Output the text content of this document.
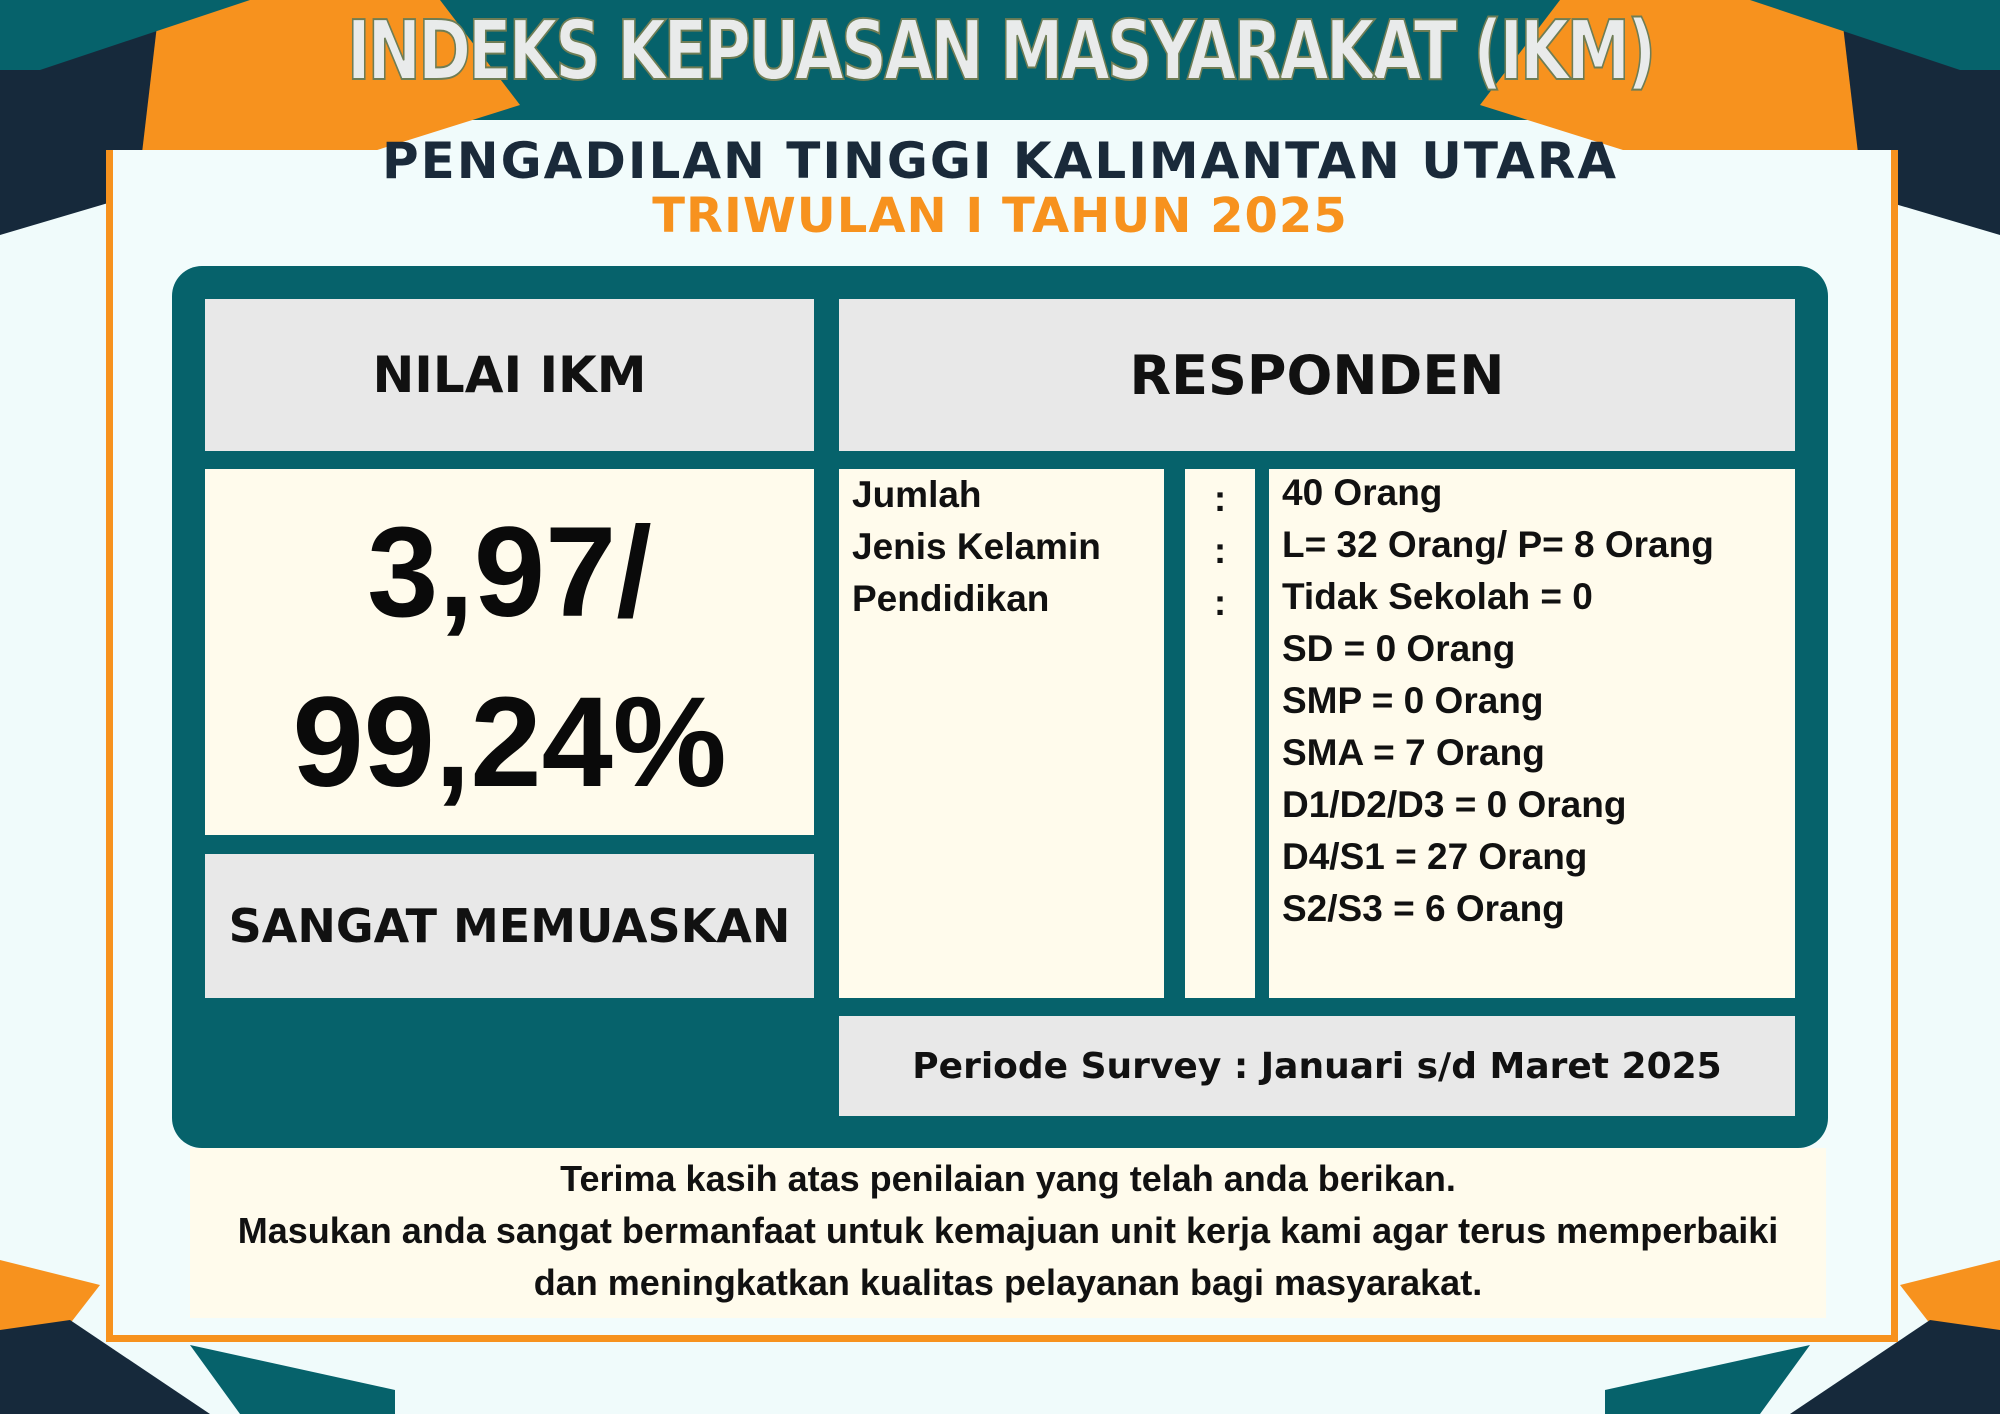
INDEKS KEPUASAN MASYARAKAT (IKM)
PENGADILAN TINGGI KALIMANTAN UTARA
TRIWULAN I TAHUN 2025
NILAI IKM
3,97/
99,24%
SANGAT MEMUASKAN
RESPONDEN
Jumlah
Jenis Kelamin
Pendidikan
:
:
:
40 Orang
L= 32 Orang/ P= 8 Orang
Tidak Sekolah = 0
SD = 0 Orang
SMP = 0 Orang
SMA = 7 Orang
D1/D2/D3 = 0 Orang
D4/S1 = 27 Orang
S2/S3 = 6 Orang
Periode Survey : Januari s/d Maret 2025
Terima kasih atas penilaian yang telah anda berikan.
Masukan anda sangat bermanfaat untuk kemajuan unit kerja kami agar terus memperbaiki
dan meningkatkan kualitas pelayanan bagi masyarakat.
